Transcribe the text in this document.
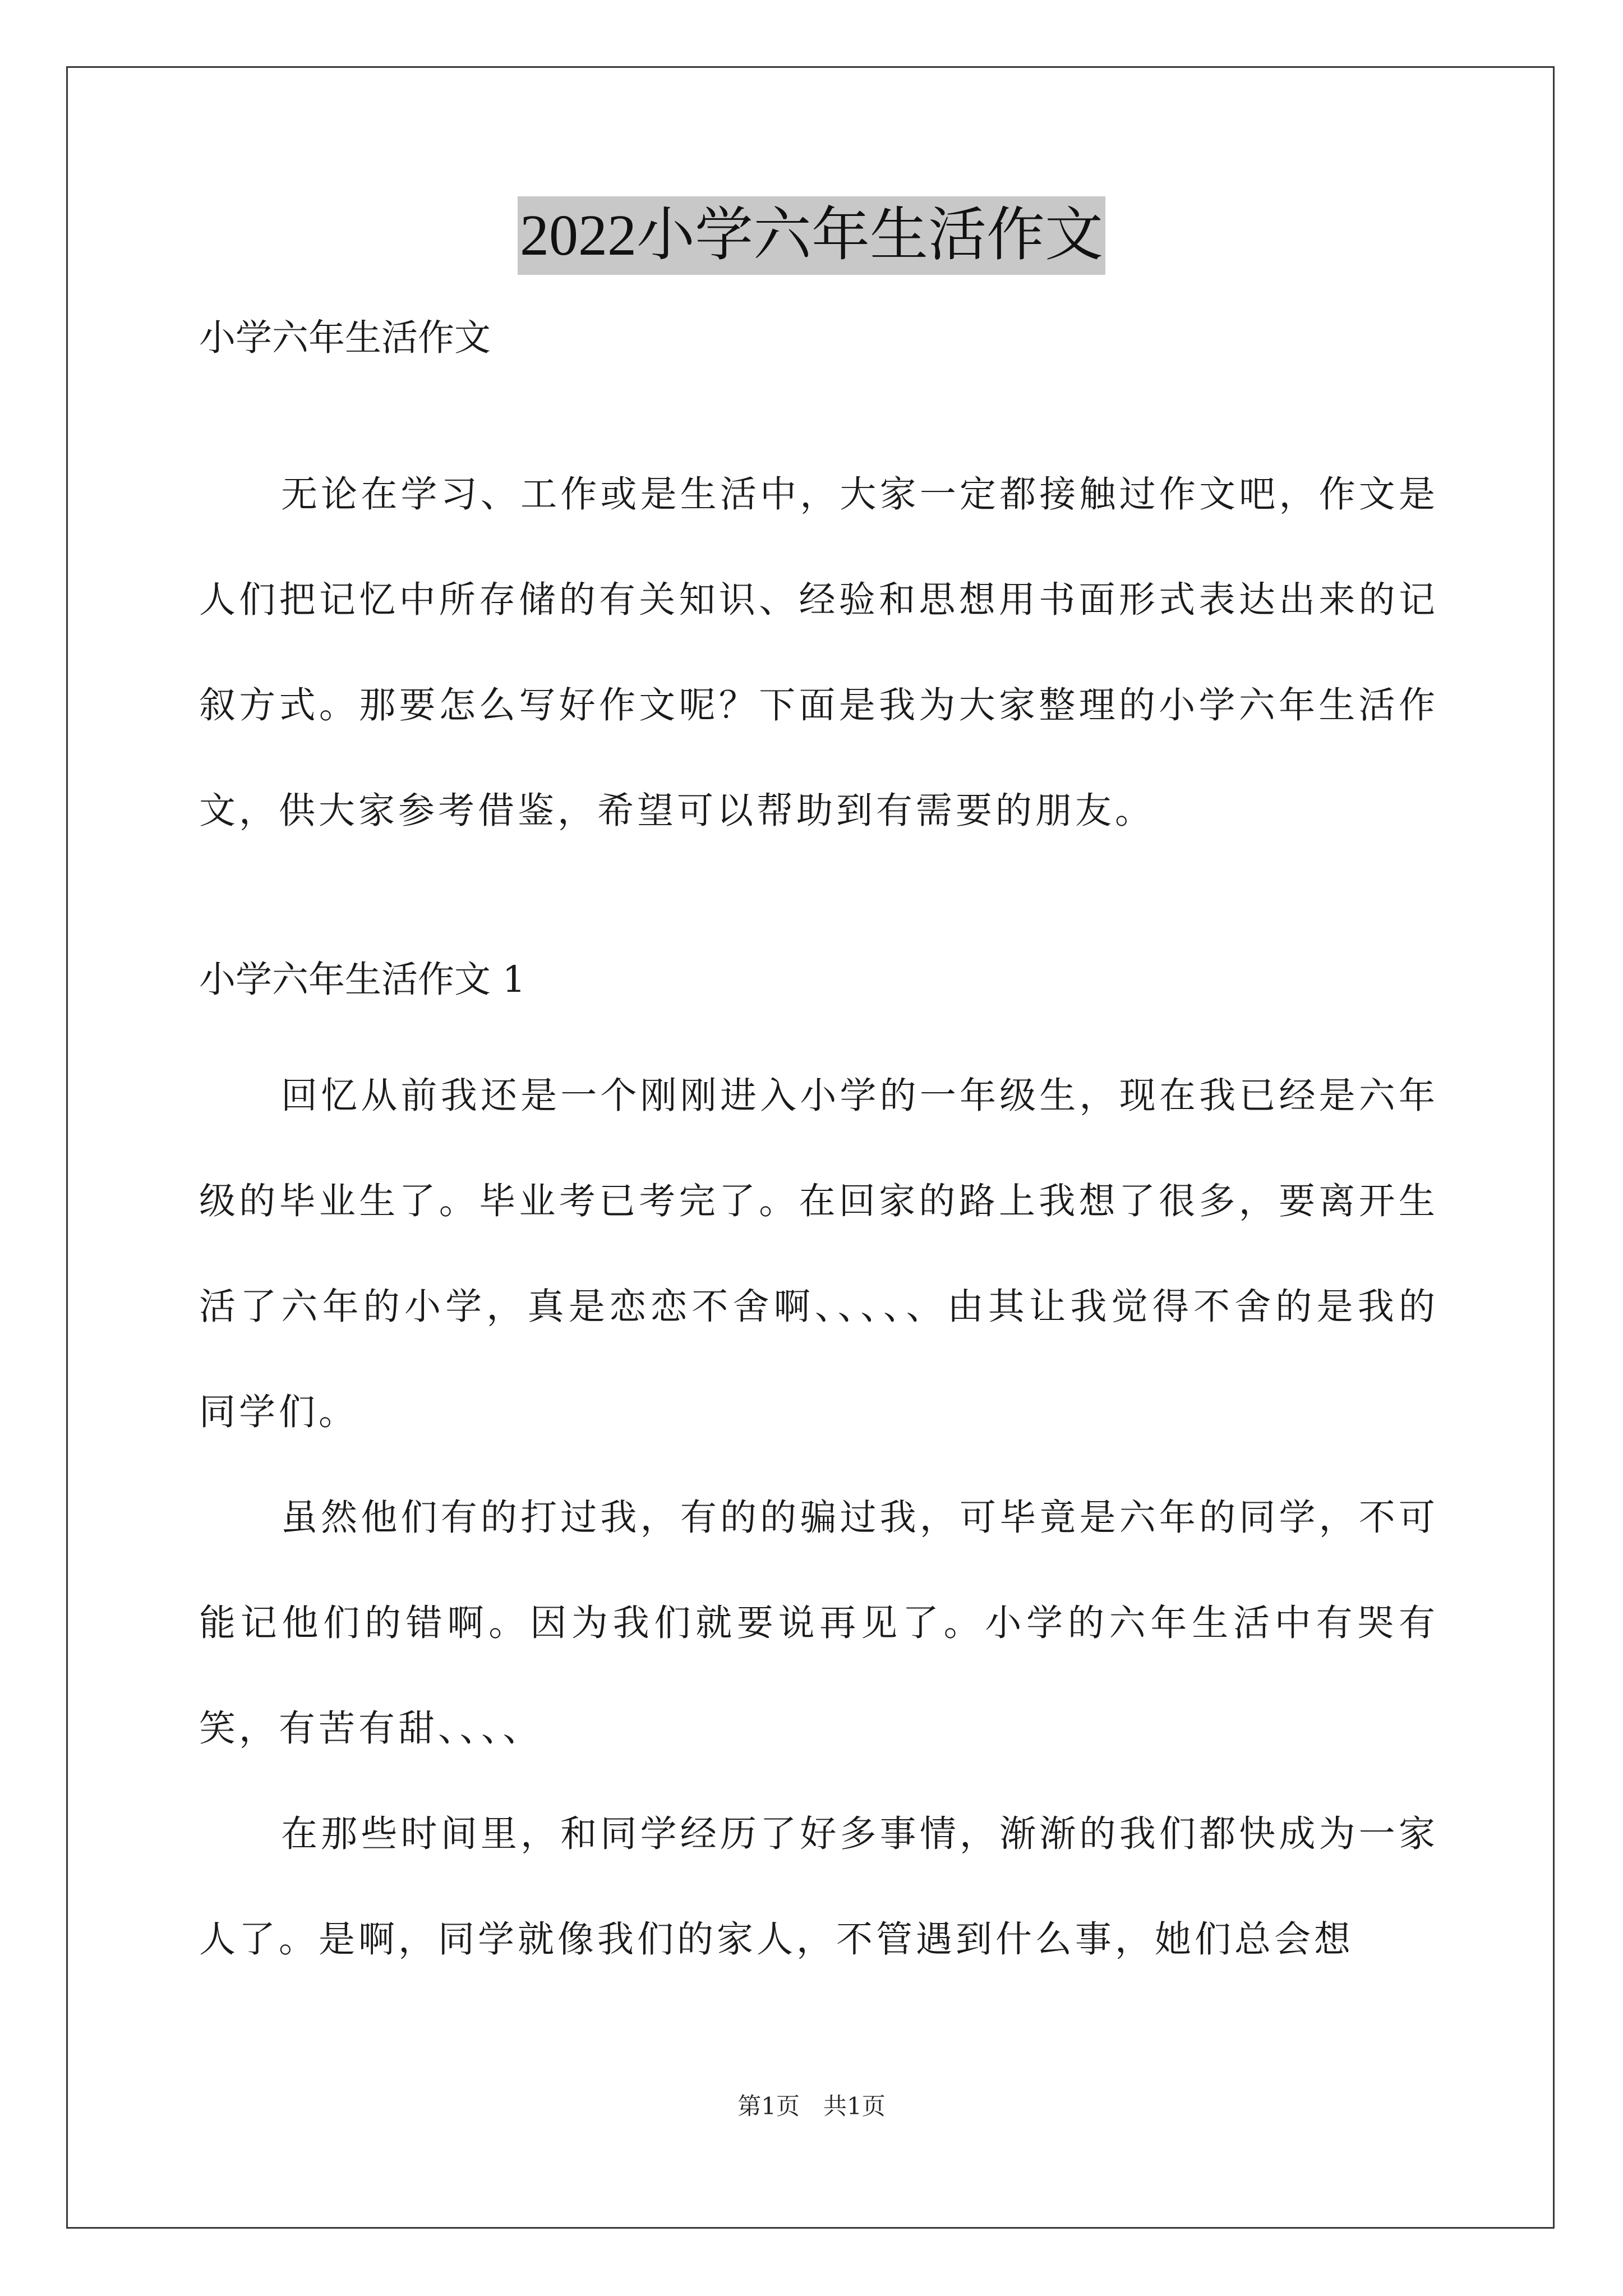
2022小学六年生活作文

小学六年生活作文

无论在学习、工作或是生活中，大家一定都接触过作文吧，作文是人们把记忆中所存储的有关知识、经验和思想用书面形式表达出来的记叙方式。那要怎么写好作文呢？下面是我为大家整理的小学六年生活作文，供大家参考借鉴，希望可以帮助到有需要的朋友。

小学六年生活作文 1

回忆从前我还是一个刚刚进入小学的一年级生，现在我已经是六年级的毕业生了。毕业考已考完了。在回家的路上我想了很多，要离开生活了六年的小学，真是恋恋不舍啊、、、、、由其让我觉得不舍的是我的同学们。

虽然他们有的打过我，有的的骗过我，可毕竟是六年的同学，不可能记他们的错啊。因为我们就要说再见了。小学的六年生活中有哭有笑，有苦有甜、、、、

在那些时间里，和同学经历了好多事情，渐渐的我们都快成为一家人了。是啊，同学就像我们的家人，不管遇到什么事，她们总会想

第1页　共1页
